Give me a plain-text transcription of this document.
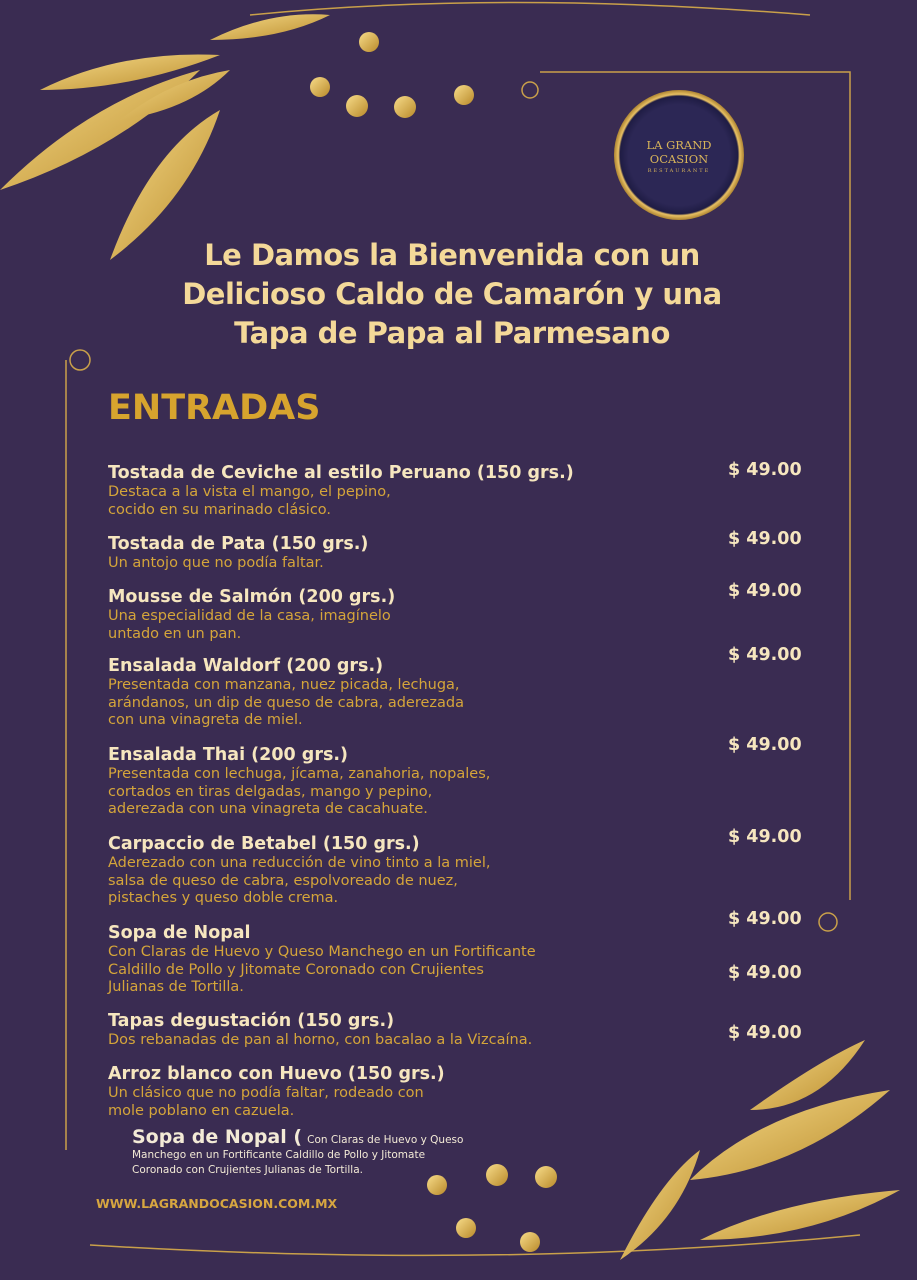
LA GRAND
OCASION
RESTAURANTE
Le Damos la Bienvenida con un
Delicioso Caldo de Camarón y una
Tapa de Papa al Parmesano
ENTRADAS
Tostada de Ceviche al estilo Peruano (150 grs.)
Destaca a la vista el mango, el pepino,
cocido en su marinado clásico.
Tostada de Pata (150 grs.)
Un antojo que no podía faltar.
Mousse de Salmón (200 grs.)
Una especialidad de la casa, imagínelo
untado en un pan.
Ensalada Waldorf (200 grs.)
Presentada con manzana, nuez picada, lechuga,
arándanos, un dip de queso de cabra, aderezada
con una vinagreta de miel.
Ensalada Thai (200 grs.)
Presentada con lechuga, jícama, zanahoria, nopales,
cortados en tiras delgadas, mango y pepino,
aderezada con una vinagreta de cacahuate.
Carpaccio de Betabel (150 grs.)
Aderezado con una reducción de vino tinto a la miel,
salsa de queso de cabra, espolvoreado de nuez,
pistaches y queso doble crema.
Sopa de Nopal
Con Claras de Huevo y Queso Manchego en un Fortificante
Caldillo de Pollo y Jitomate Coronado con Crujientes
Julianas de Tortilla.
Tapas degustación (150 grs.)
Dos rebanadas de pan al horno, con bacalao a la Vizcaína.
Arroz blanco con Huevo (150 grs.)
Un clásico que no podía faltar, rodeado con
mole poblano en cazuela.
$ 49.00
$ 49.00
$ 49.00
$ 49.00
$ 49.00
$ 49.00
$ 49.00
$ 49.00
$ 49.00
Sopa de Nopal ( Con Claras de Huevo y Queso
Manchego en un Fortificante Caldillo de Pollo y Jitomate
Coronado con Crujientes Julianas de Tortilla.
WWW.LAGRANDOCASION.COM.MX
